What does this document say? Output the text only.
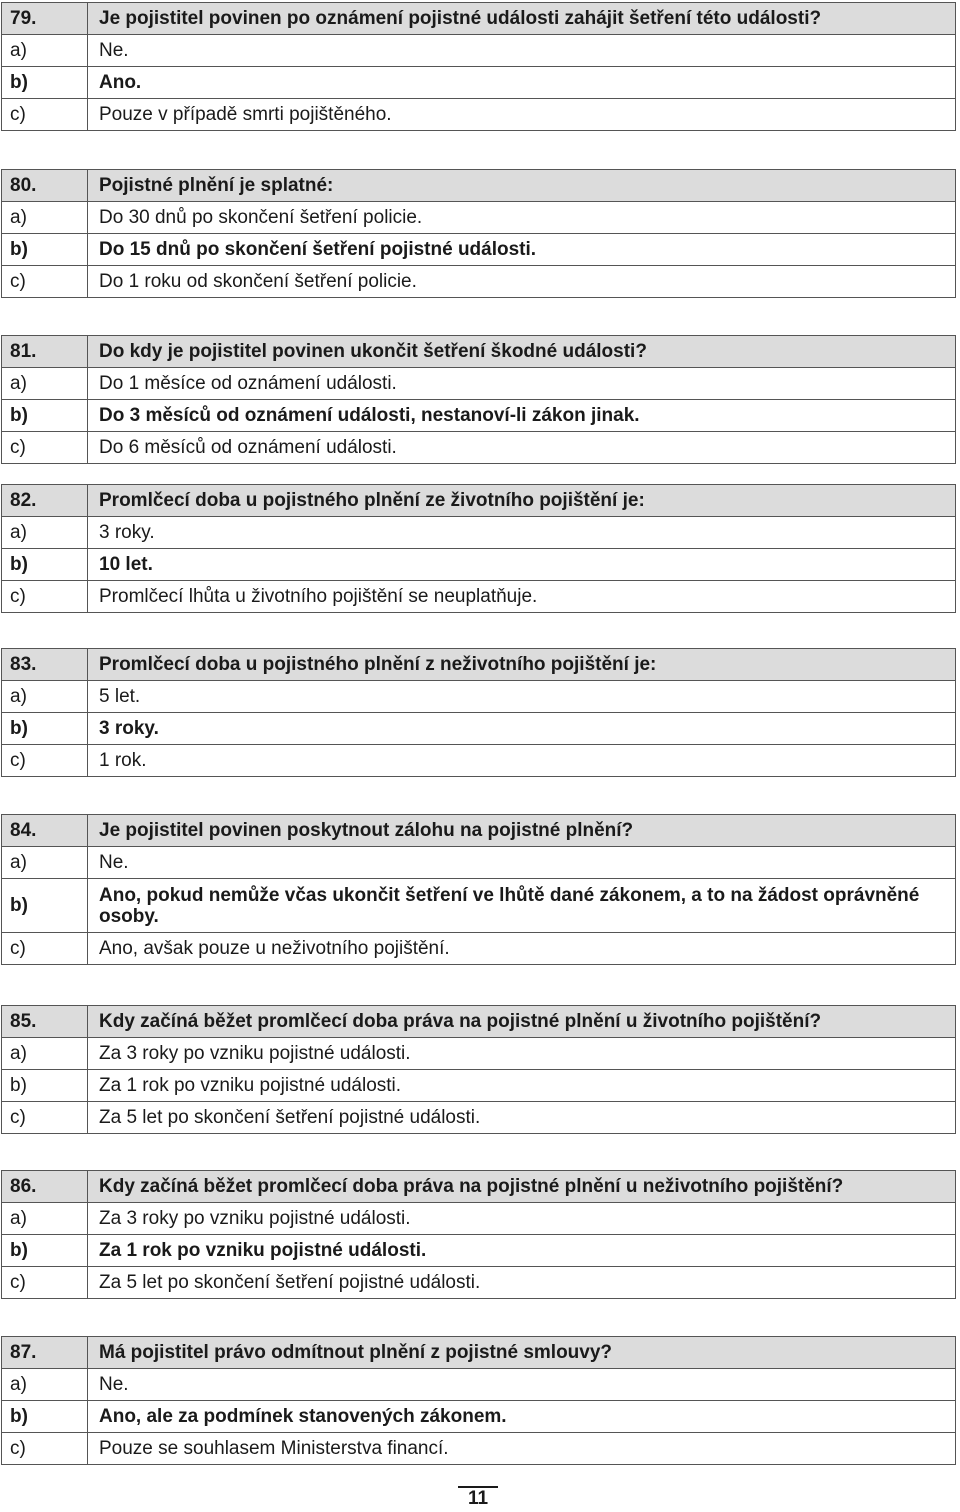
79.	Je pojistitel povinen po oznámení pojistné události zahájit šetření této události?
a)	Ne.
b)	Ano.
c)	Pouze v případě smrti pojištěného.
80.	Pojistné plnění je splatné:
a)	Do 30 dnů po skončení šetření policie.
b)	Do 15 dnů po skončení šetření pojistné události.
c)	Do 1 roku od skončení šetření policie.
81.	Do kdy je pojistitel povinen ukončit šetření škodné události?
a)	Do 1 měsíce od oznámení události.
b)	Do 3 měsíců od oznámení události, nestanoví-li zákon jinak.
c)	Do 6 měsíců od oznámení události.
82.	Promlčecí doba u pojistného plnění ze životního pojištění je:
a)	3 roky.
b)	10 let.
c)	Promlčecí lhůta u životního pojištění se neuplatňuje.
83.	Promlčecí doba u pojistného plnění z neživotního pojištění je:
a)	5 let.
b)	3 roky.
c)	1 rok.
84.	Je pojistitel povinen poskytnout zálohu na pojistné plnění?
a)	Ne.
b)	Ano, pokud nemůže včas ukončit šetření ve lhůtě dané zákonem, a to na žádost oprávněné osoby.
c)	Ano, avšak pouze u neživotního pojištění.
85.	Kdy začíná běžet promlčecí doba práva na pojistné plnění u životního pojištění?
a)	Za 3 roky po vzniku pojistné události.
b)	Za 1 rok po vzniku pojistné události.
c)	Za 5 let po skončení šetření pojistné události.
86.	Kdy začíná běžet promlčecí doba práva na pojistné plnění u neživotního pojištění?
a)	Za 3 roky po vzniku pojistné události.
b)	Za 1 rok po vzniku pojistné události.
c)	Za 5 let po skončení šetření pojistné události.
87.	Má pojistitel právo odmítnout plnění z pojistné smlouvy?
a)	Ne.
b)	Ano, ale za podmínek stanovených zákonem.
c)	Pouze se souhlasem Ministerstva financí.
11
